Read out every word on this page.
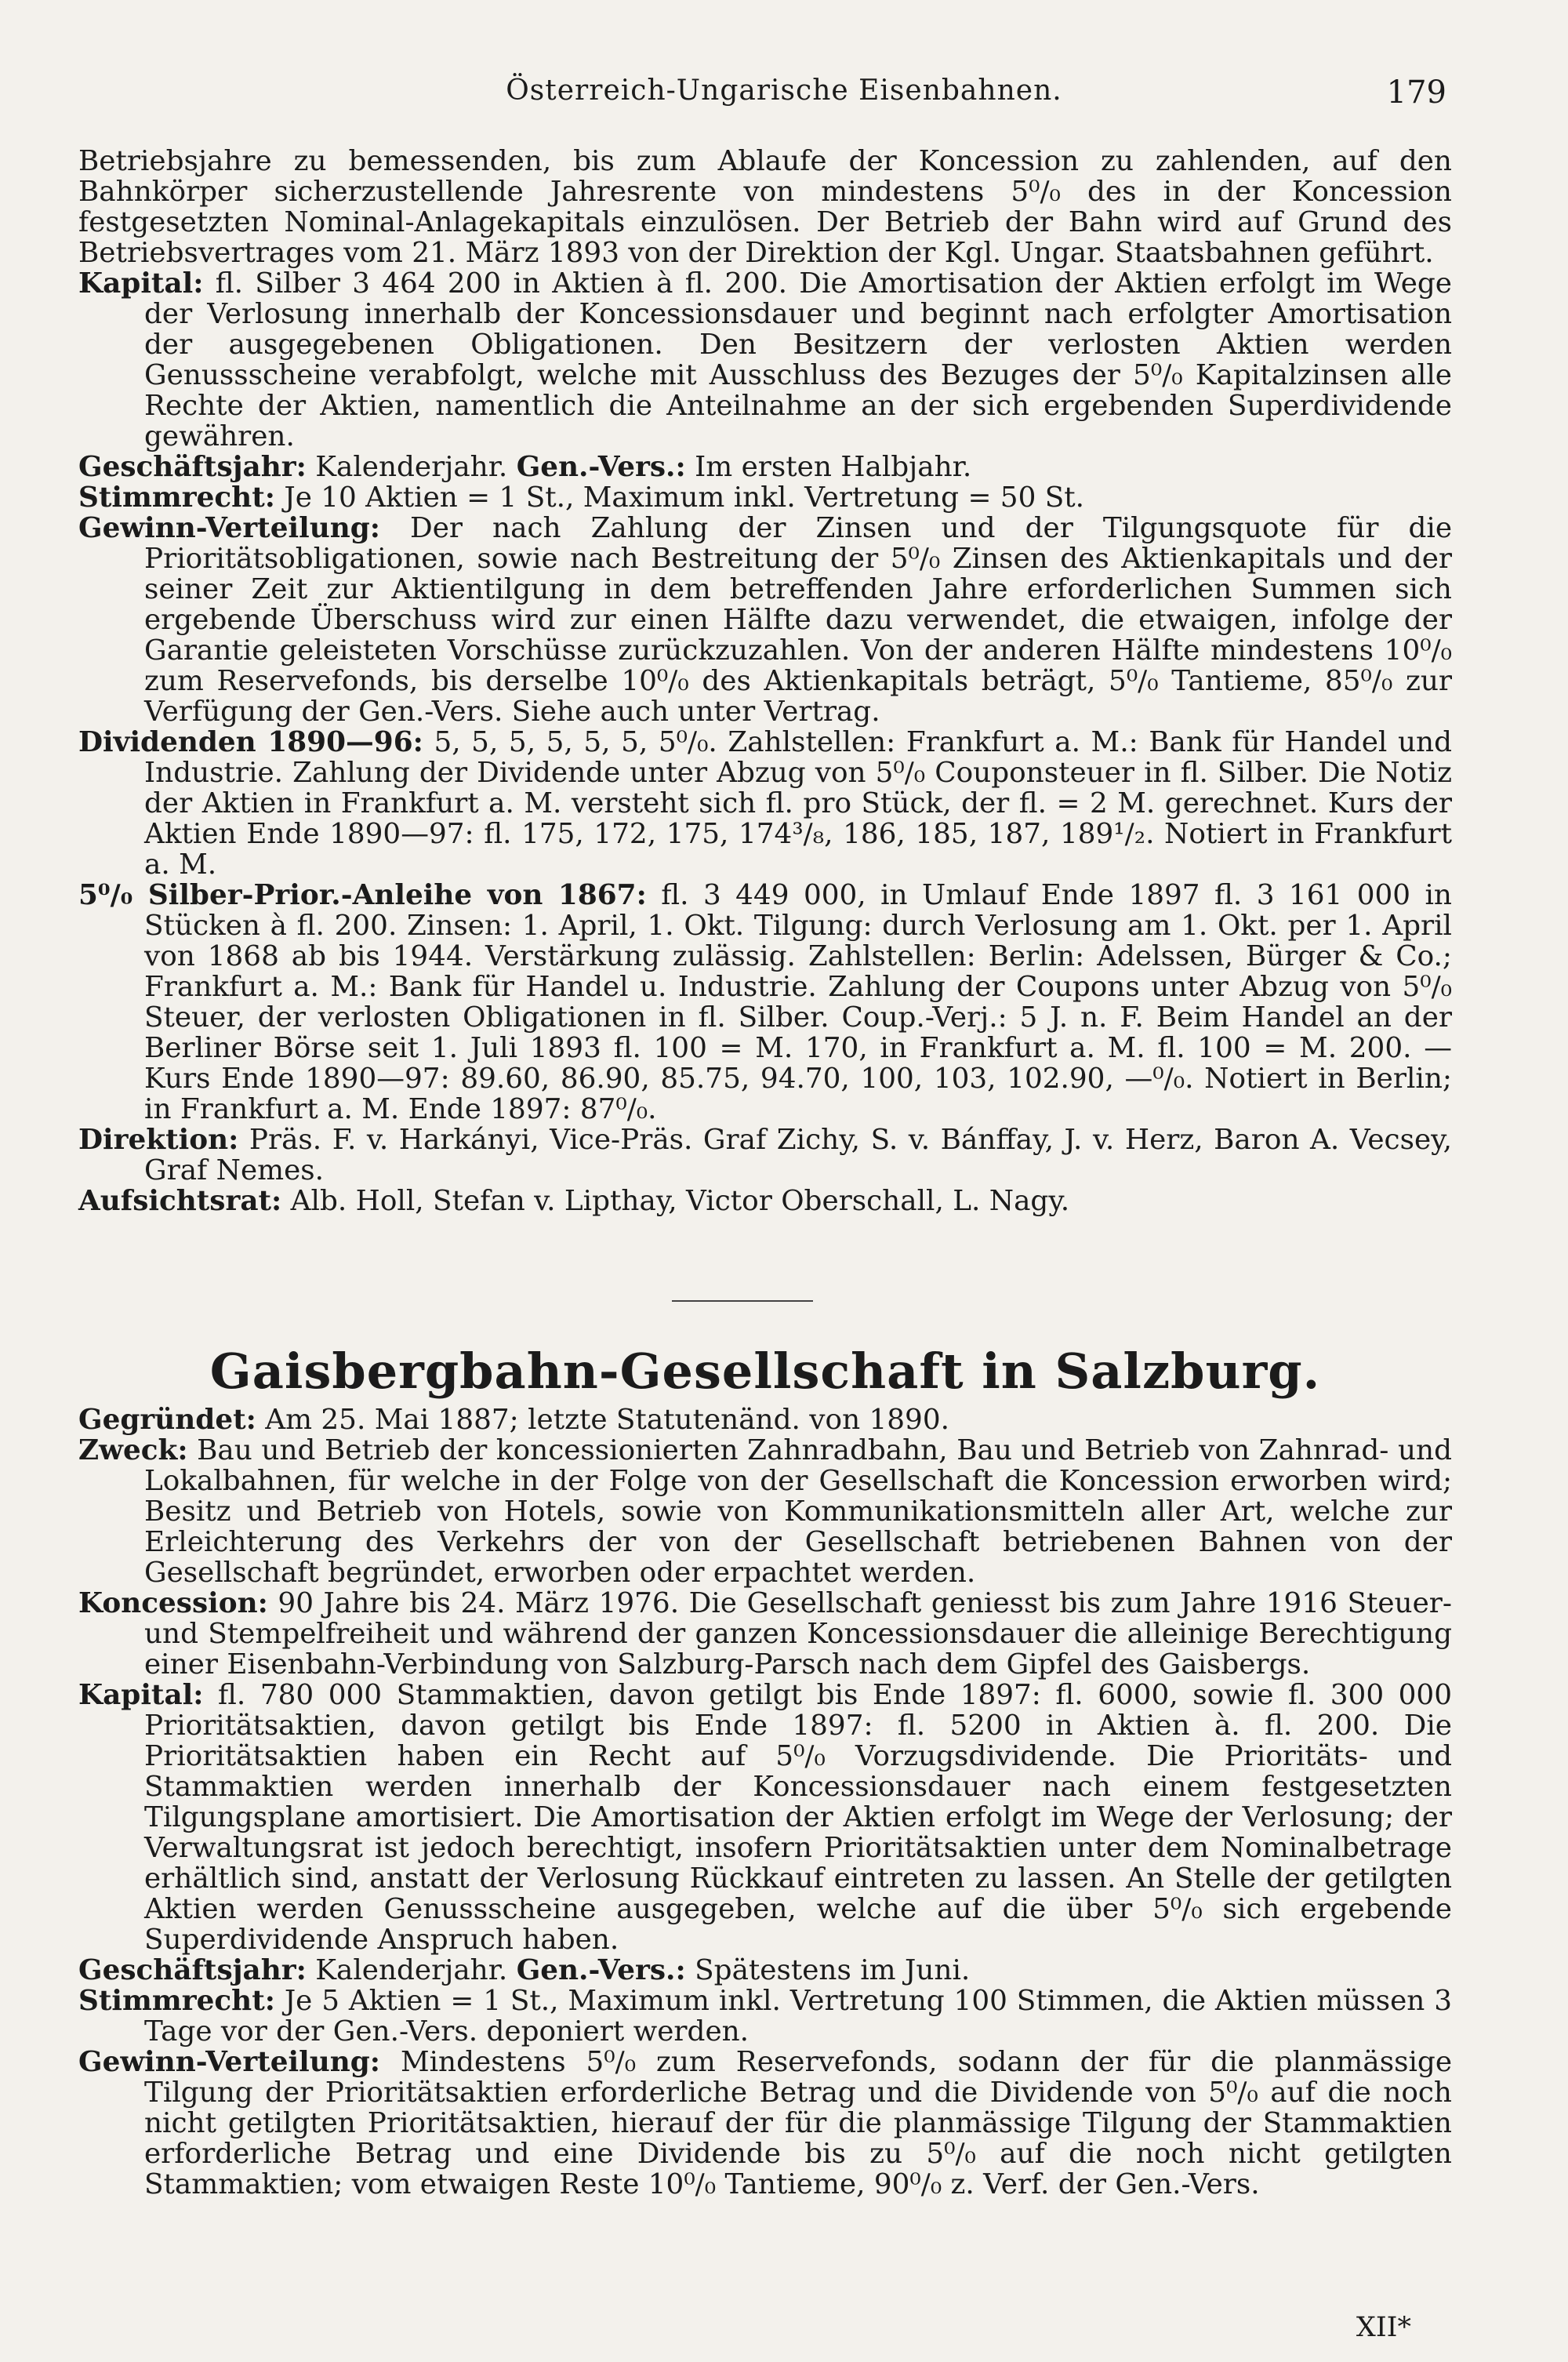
Österreich-Ungarische Eisenbahnen.	179

Betriebsjahre zu bemessenden, bis zum Ablaufe der Koncession zu zahlenden, auf den Bahnkörper sicherzustellende Jahresrente von mindestens 5⁰/₀ des in der Koncession festgesetzten Nominal-Anlagekapitals einzulösen. Der Betrieb der Bahn wird auf Grund des Betriebsvertrages vom 21. März 1893 von der Direktion der Kgl. Ungar. Staatsbahnen geführt.

Kapital: fl. Silber 3 464 200 in Aktien à fl. 200. Die Amortisation der Aktien erfolgt im Wege der Verlosung innerhalb der Koncessionsdauer und beginnt nach erfolgter Amortisation der ausgegebenen Obligationen. Den Besitzern der verlosten Aktien werden Genussscheine verabfolgt, welche mit Ausschluss des Bezuges der 5⁰/₀ Kapitalzinsen alle Rechte der Aktien, namentlich die Anteilnahme an der sich ergebenden Superdividende gewähren.

Geschäftsjahr: Kalenderjahr. Gen.-Vers.: Im ersten Halbjahr.

Stimmrecht: Je 10 Aktien = 1 St., Maximum inkl. Vertretung = 50 St.

Gewinn-Verteilung: Der nach Zahlung der Zinsen und der Tilgungsquote für die Prioritätsobligationen, sowie nach Bestreitung der 5⁰/₀ Zinsen des Aktienkapitals und der seiner Zeit zur Aktientilgung in dem betreffenden Jahre erforderlichen Summen sich ergebende Überschuss wird zur einen Hälfte dazu verwendet, die etwaigen, infolge der Garantie geleisteten Vorschüsse zurückzuzahlen. Von der anderen Hälfte mindestens 10⁰/₀ zum Reservefonds, bis derselbe 10⁰/₀ des Aktienkapitals beträgt, 5⁰/₀ Tantieme, 85⁰/₀ zur Verfügung der Gen.-Vers. Siehe auch unter Vertrag.

Dividenden 1890—96: 5, 5, 5, 5, 5, 5, 5⁰/₀. Zahlstellen: Frankfurt a. M.: Bank für Handel und Industrie. Zahlung der Dividende unter Abzug von 5⁰/₀ Couponsteuer in fl. Silber. Die Notiz der Aktien in Frankfurt a. M. versteht sich fl. pro Stück, der fl. = 2 M. gerechnet. Kurs der Aktien Ende 1890—97: fl. 175, 172, 175, 174³/₈, 186, 185, 187, 189¹/₂. Notiert in Frankfurt a. M.

5⁰/₀ Silber-Prior.-Anleihe von 1867: fl. 3 449 000, in Umlauf Ende 1897 fl. 3 161 000 in Stücken à fl. 200. Zinsen: 1. April, 1. Okt. Tilgung: durch Verlosung am 1. Okt. per 1. April von 1868 ab bis 1944. Verstärkung zulässig. Zahlstellen: Berlin: Adelssen, Bürger & Co.; Frankfurt a. M.: Bank für Handel u. Industrie. Zahlung der Coupons unter Abzug von 5⁰/₀ Steuer, der verlosten Obligationen in fl. Silber. Coup.-Verj.: 5 J. n. F. Beim Handel an der Berliner Börse seit 1. Juli 1893 fl. 100 = M. 170, in Frankfurt a. M. fl. 100 = M. 200. — Kurs Ende 1890—97: 89.60, 86.90, 85.75, 94.70, 100, 103, 102.90, —⁰/₀. Notiert in Berlin; in Frankfurt a. M. Ende 1897: 87⁰/₀.

Direktion: Präs. F. v. Harkányi, Vice-Präs. Graf Zichy, S. v. Bánffay, J. v. Herz, Baron A. Vecsey, Graf Nemes.

Aufsichtsrat: Alb. Holl, Stefan v. Lipthay, Victor Oberschall, L. Nagy.

Gaisbergbahn-Gesellschaft in Salzburg.

Gegründet: Am 25. Mai 1887; letzte Statutenänd. von 1890.

Zweck: Bau und Betrieb der koncessionierten Zahnradbahn, Bau und Betrieb von Zahnrad- und Lokalbahnen, für welche in der Folge von der Gesellschaft die Koncession erworben wird; Besitz und Betrieb von Hotels, sowie von Kommunikationsmitteln aller Art, welche zur Erleichterung des Verkehrs der von der Gesellschaft betriebenen Bahnen von der Gesellschaft begründet, erworben oder erpachtet werden.

Koncession: 90 Jahre bis 24. März 1976. Die Gesellschaft geniesst bis zum Jahre 1916 Steuer- und Stempelfreiheit und während der ganzen Koncessionsdauer die alleinige Berechtigung einer Eisenbahn-Verbindung von Salzburg-Parsch nach dem Gipfel des Gaisbergs.

Kapital: fl. 780 000 Stammaktien, davon getilgt bis Ende 1897: fl. 6000, sowie fl. 300 000 Prioritätsaktien, davon getilgt bis Ende 1897: fl. 5200 in Aktien à. fl. 200. Die Prioritätsaktien haben ein Recht auf 5⁰/₀ Vorzugsdividende. Die Prioritäts- und Stammaktien werden innerhalb der Koncessionsdauer nach einem festgesetzten Tilgungsplane amortisiert. Die Amortisation der Aktien erfolgt im Wege der Verlosung; der Verwaltungsrat ist jedoch berechtigt, insofern Prioritätsaktien unter dem Nominalbetrage erhältlich sind, anstatt der Verlosung Rückkauf eintreten zu lassen. An Stelle der getilgten Aktien werden Genussscheine ausgegeben, welche auf die über 5⁰/₀ sich ergebende Superdividende Anspruch haben.

Geschäftsjahr: Kalenderjahr. Gen.-Vers.: Spätestens im Juni.

Stimmrecht: Je 5 Aktien = 1 St., Maximum inkl. Vertretung 100 Stimmen, die Aktien müssen 3 Tage vor der Gen.-Vers. deponiert werden.

Gewinn-Verteilung: Mindestens 5⁰/₀ zum Reservefonds, sodann der für die planmässige Tilgung der Prioritätsaktien erforderliche Betrag und die Dividende von 5⁰/₀ auf die noch nicht getilgten Prioritätsaktien, hierauf der für die planmässige Tilgung der Stammaktien erforderliche Betrag und eine Dividende bis zu 5⁰/₀ auf die noch nicht getilgten Stammaktien; vom etwaigen Reste 10⁰/₀ Tantieme, 90⁰/₀ z. Verf. der Gen.-Vers.

XII*
